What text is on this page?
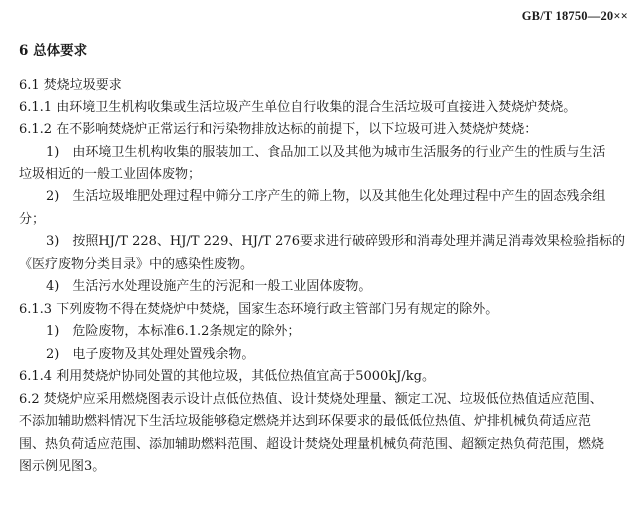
GB/T 18750—20××
6 总体要求
6.1 焚烧垃圾要求
6.1.1 由环境卫生机构收集或生活垃圾产生单位自行收集的混合生活垃圾可直接进入焚烧炉焚烧。
6.1.2 在不影响焚烧炉正常运行和污染物排放达标的前提下，以下垃圾可进入焚烧炉焚烧：
1)　由环境卫生机构收集的服装加工、食品加工以及其他为城市生活服务的行业产生的性质与生活
垃圾相近的一般工业固体废物；
2)　生活垃圾堆肥处理过程中筛分工序产生的筛上物，以及其他生化处理过程中产生的固态残余组
分；
3)　按照HJ/T 228、HJ/T 229、HJ/T 276要求进行破碎毁形和消毒处理并满足消毒效果检验指标的
《医疗废物分类目录》中的感染性废物。
4)　生活污水处理设施产生的污泥和一般工业固体废物。
6.1.3 下列废物不得在焚烧炉中焚烧，国家生态环境行政主管部门另有规定的除外。
1)　危险废物，本标准6.1.2条规定的除外；
2)　电子废物及其处理处置残余物。
6.1.4 利用焚烧炉协同处置的其他垃圾，其低位热值宜高于5000kJ/kg。
6.2 焚烧炉应采用燃烧图表示设计点低位热值、设计焚烧处理量、额定工况、垃圾低位热值适应范围、
不添加辅助燃料情况下生活垃圾能够稳定燃烧并达到环保要求的最低低位热值、炉排机械负荷适应范
围、热负荷适应范围、添加辅助燃料范围、超设计焚烧处理量机械负荷范围、超额定热负荷范围，燃烧
图示例见图3。
